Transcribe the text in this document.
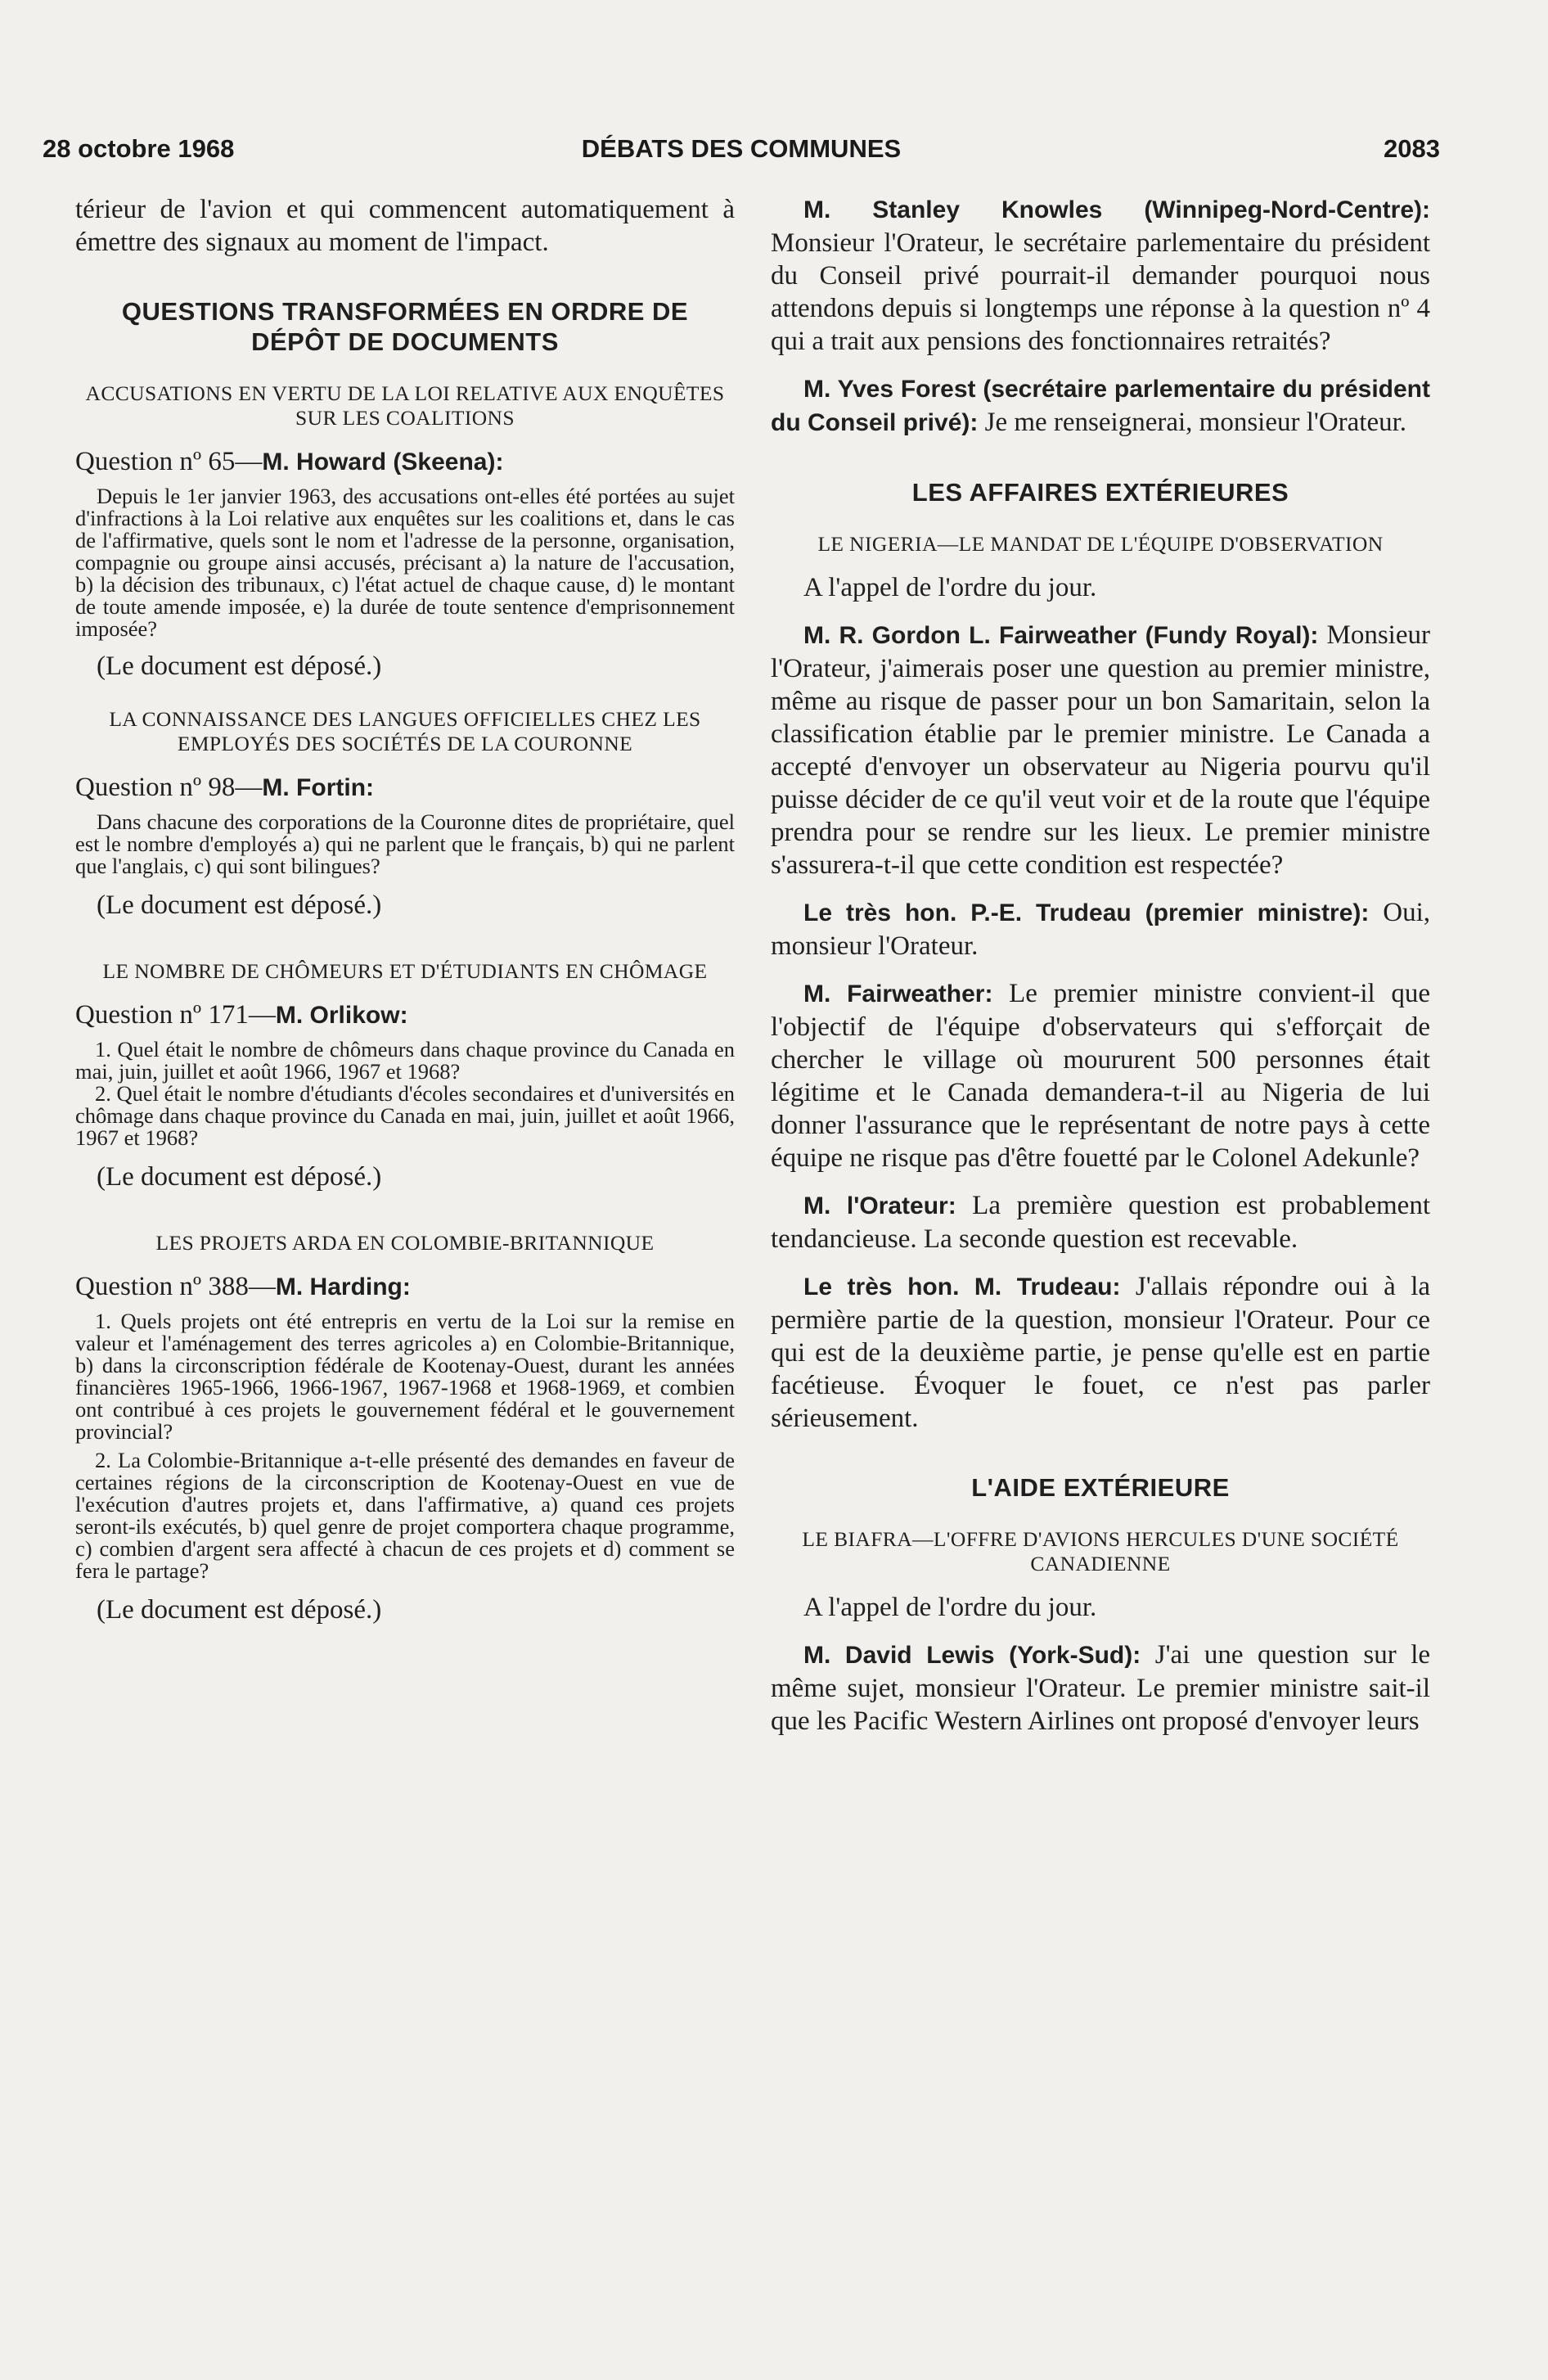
28 octobre 1968	DÉBATS DES COMMUNES	2083

térieur de l'avion et qui commencent automatiquement à émettre des signaux au moment de l'impact.

QUESTIONS TRANSFORMÉES EN ORDRE DE DÉPÔT DE DOCUMENTS
ACCUSATIONS EN VERTU DE LA LOI RELATIVE AUX ENQUÊTES SUR LES COALITIONS

Question nº 65—M. Howard (Skeena):

Depuis le 1er janvier 1963, des accusations ont-elles été portées au sujet d'infractions à la Loi relative aux enquêtes sur les coalitions et, dans le cas de l'affirmative, quels sont le nom et l'adresse de la personne, organisation, compagnie ou groupe ainsi accusés, précisant a) la nature de l'accusation, b) la décision des tribunaux, c) l'état actuel de chaque cause, d) le montant de toute amende imposée, e) la durée de toute sentence d'emprisonnement imposée?

(Le document est déposé.)

LA CONNAISSANCE DES LANGUES OFFICIELLES CHEZ LES EMPLOYÉS DES SOCIÉTÉS DE LA COURONNE

Question nº 98—M. Fortin:

Dans chacune des corporations de la Couronne dites de propriétaire, quel est le nombre d'employés a) qui ne parlent que le français, b) qui ne parlent que l'anglais, c) qui sont bilingues?

(Le document est déposé.)

LE NOMBRE DE CHÔMEURS ET D'ÉTUDIANTS EN CHÔMAGE

Question nº 171—M. Orlikow:

1. Quel était le nombre de chômeurs dans chaque province du Canada en mai, juin, juillet et août 1966, 1967 et 1968?

2. Quel était le nombre d'étudiants d'écoles secondaires et d'universités en chômage dans chaque province du Canada en mai, juin, juillet et août 1966, 1967 et 1968?

(Le document est déposé.)

LES PROJETS ARDA EN COLOMBIE-BRITANNIQUE

Question nº 388—M. Harding:

1. Quels projets ont été entrepris en vertu de la Loi sur la remise en valeur et l'aménagement des terres agricoles a) en Colombie-Britannique, b) dans la circonscription fédérale de Kootenay-Ouest, durant les années financières 1965-1966, 1966-1967, 1967-1968 et 1968-1969, et combien ont contribué à ces projets le gouvernement fédéral et le gouvernement provincial?

2. La Colombie-Britannique a-t-elle présenté des demandes en faveur de certaines régions de la circonscription de Kootenay-Ouest en vue de l'exécution d'autres projets et, dans l'affirmative, a) quand ces projets seront-ils exécutés, b) quel genre de projet comportera chaque programme, c) combien d'argent sera affecté à chacun de ces projets et d) comment se fera le partage?

(Le document est déposé.)

M. Stanley Knowles (Winnipeg-Nord-Centre): Monsieur l'Orateur, le secrétaire parlementaire du président du Conseil privé pourrait-il demander pourquoi nous attendons depuis si longtemps une réponse à la question nº 4 qui a trait aux pensions des fonctionnaires retraités?

M. Yves Forest (secrétaire parlementaire du président du Conseil privé): Je me renseignerai, monsieur l'Orateur.

LES AFFAIRES EXTÉRIEURES
LE NIGERIA—LE MANDAT DE L'ÉQUIPE D'OBSERVATION

A l'appel de l'ordre du jour.

M. R. Gordon L. Fairweather (Fundy Royal): Monsieur l'Orateur, j'aimerais poser une question au premier ministre, même au risque de passer pour un bon Samaritain, selon la classification établie par le premier ministre. Le Canada a accepté d'envoyer un observateur au Nigeria pourvu qu'il puisse décider de ce qu'il veut voir et de la route que l'équipe prendra pour se rendre sur les lieux. Le premier ministre s'assurera-t-il que cette condition est respectée?

Le très hon. P.-E. Trudeau (premier ministre): Oui, monsieur l'Orateur.

M. Fairweather: Le premier ministre convient-il que l'objectif de l'équipe d'observateurs qui s'efforçait de chercher le village où moururent 500 personnes était légitime et le Canada demandera-t-il au Nigeria de lui donner l'assurance que le représentant de notre pays à cette équipe ne risque pas d'être fouetté par le Colonel Adekunle?

M. l'Orateur: La première question est probablement tendancieuse. La seconde question est recevable.

Le très hon. M. Trudeau: J'allais répondre oui à la permière partie de la question, monsieur l'Orateur. Pour ce qui est de la deuxième partie, je pense qu'elle est en partie facétieuse. Évoquer le fouet, ce n'est pas parler sérieusement.

L'AIDE EXTÉRIEURE
LE BIAFRA—L'OFFRE D'AVIONS HERCULES D'UNE SOCIÉTÉ CANADIENNE

A l'appel de l'ordre du jour.

M. David Lewis (York-Sud): J'ai une question sur le même sujet, monsieur l'Orateur. Le premier ministre sait-il que les Pacific Western Airlines ont proposé d'envoyer leurs
